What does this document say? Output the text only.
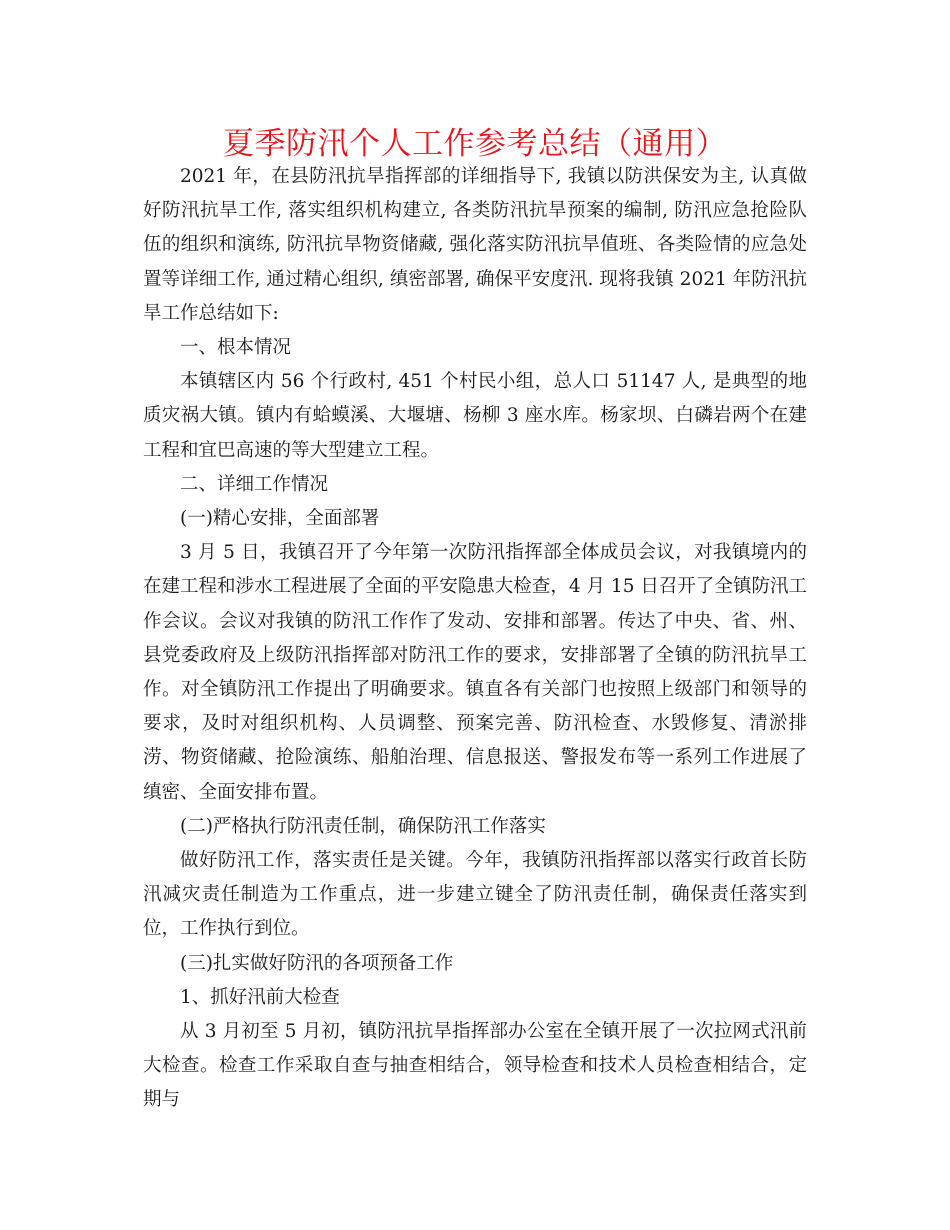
夏季防汛个人工作参考总结（通用）

2021 年，在县防汛抗旱指挥部的详细指导下, 我镇以防洪保安为主, 认真做好防汛抗旱工作, 落实组织机构建立, 各类防汛抗旱预案的编制, 防汛应急抢险队伍的组织和演练, 防汛抗旱物资储藏, 强化落实防汛抗旱值班、各类险情的应急处置等详细工作, 通过精心组织, 缜密部署, 确保平安度汛. 现将我镇 2021 年防汛抗旱工作总结如下:

一、根本情况

本镇辖区内 56 个行政村, 451 个村民小组，总人口 51147 人, 是典型的地质灾祸大镇。镇内有蛤蟆溪、大堰塘、杨柳 3 座水库。杨家坝、白磷岩两个在建工程和宜巴高速的等大型建立工程。

二、详细工作情况

(一)精心安排，全面部署

3 月 5 日，我镇召开了今年第一次防汛指挥部全体成员会议，对我镇境内的在建工程和涉水工程进展了全面的平安隐患大检查，4 月 15 日召开了全镇防汛工作会议。会议对我镇的防汛工作作了发动、安排和部署。传达了中央、省、州、县党委政府及上级防汛指挥部对防汛工作的要求，安排部署了全镇的防汛抗旱工作。对全镇防汛工作提出了明确要求。镇直各有关部门也按照上级部门和领导的要求，及时对组织机构、人员调整、预案完善、防汛检查、水毁修复、清淤排涝、物资储藏、抢险演练、船舶治理、信息报送、警报发布等一系列工作进展了缜密、全面安排布置。

(二)严格执行防汛责任制，确保防汛工作落实

做好防汛工作，落实责任是关键。今年，我镇防汛指挥部以落实行政首长防汛减灾责任制造为工作重点，进一步建立键全了防汛责任制，确保责任落实到位，工作执行到位。

(三)扎实做好防汛的各项预备工作

1、抓好汛前大检查

从 3 月初至 5 月初，镇防汛抗旱指挥部办公室在全镇开展了一次拉网式汛前大检查。检查工作采取自查与抽查相结合，领导检查和技术人员检查相结合，定期与
